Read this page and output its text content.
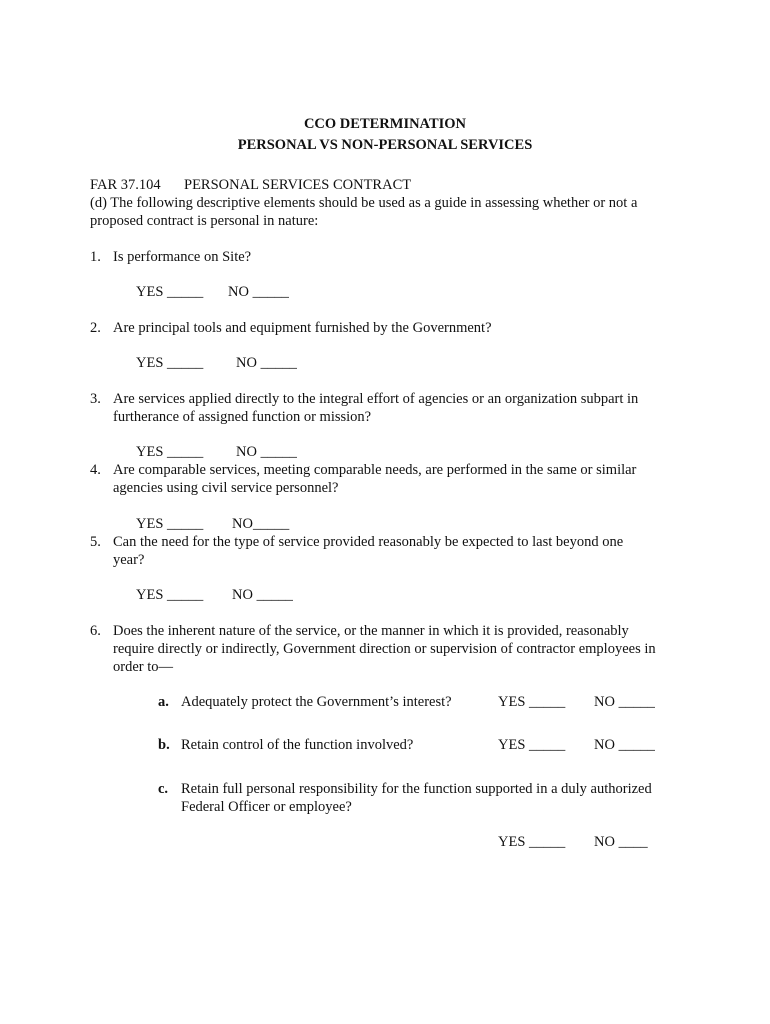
CCO DETERMINATION
PERSONAL VS NON-PERSONAL SERVICES
FAR 37.104 PERSONAL SERVICES CONTRACT
(d) The following descriptive elements should be used as a guide in assessing whether or not a
proposed contract is personal in nature:
1. Is performance on Site?
YES _____ NO _____
2. Are principal tools and equipment furnished by the Government?
YES _____ NO _____
3. Are services applied directly to the integral effort of agencies or an organization subpart in
furtherance of assigned function or mission?
YES _____ NO _____
4. Are comparable services, meeting comparable needs, are performed in the same or similar
agencies using civil service personnel?
YES _____ NO_____
5. Can the need for the type of service provided reasonably be expected to last beyond one
year?
YES _____ NO _____
6. Does the inherent nature of the service, or the manner in which it is provided, reasonably
require directly or indirectly, Government direction or supervision of contractor employees in
order to—
a. Adequately protect the Government’s interest?	YES _____ NO _____
b. Retain control of the function involved?	YES _____ NO _____
c. Retain full personal responsibility for the function supported in a duly authorized
Federal Officer or employee?
YES _____ NO ____
